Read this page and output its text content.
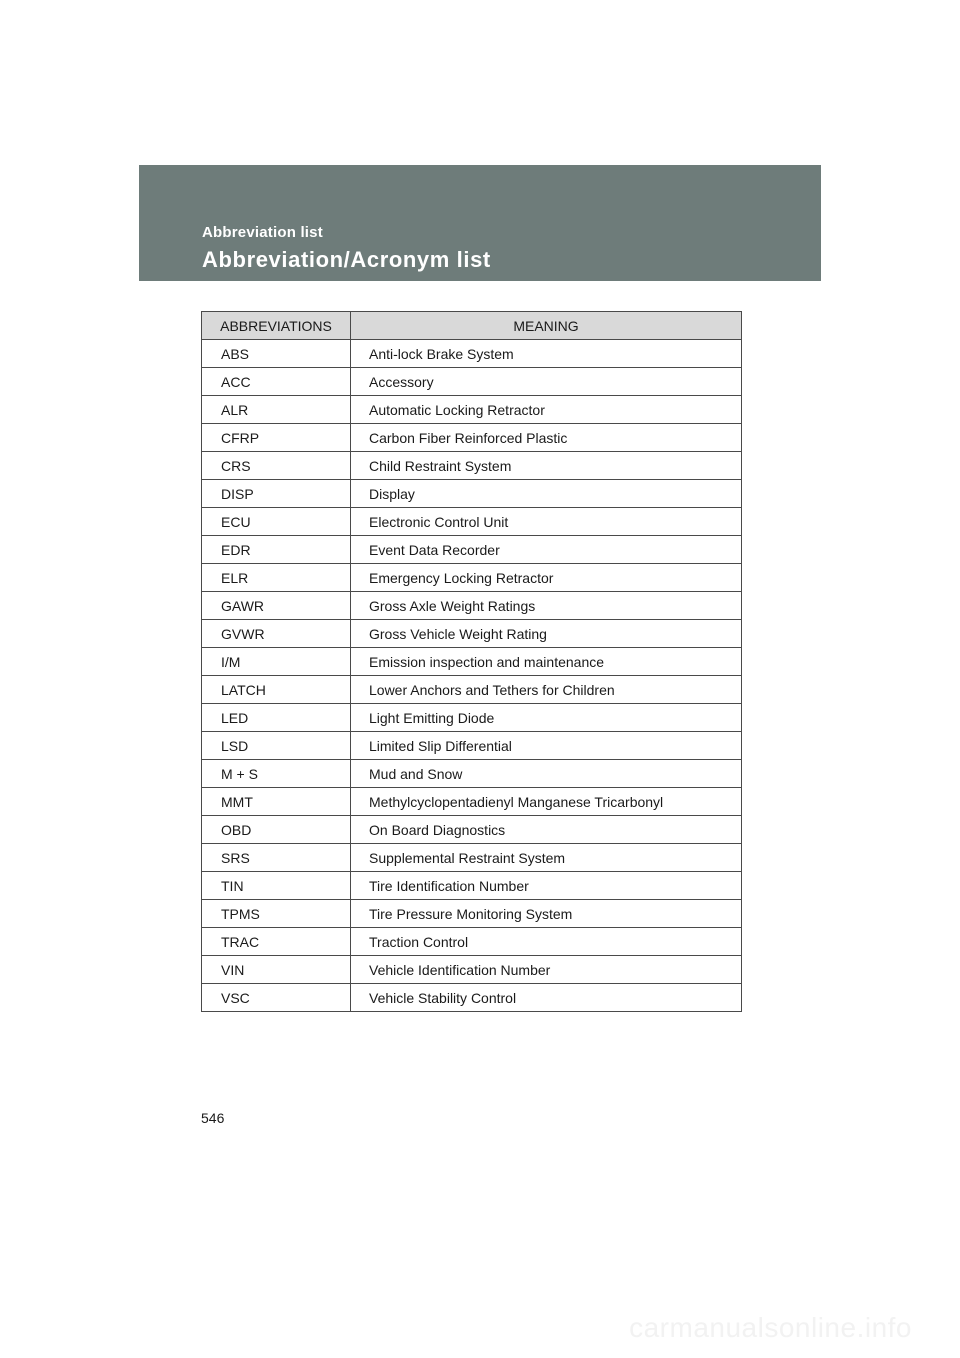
Abbreviation list
Abbreviation/Acronym list
ABBREVIATIONS	MEANING
ABS	Anti-lock Brake System
ACC	Accessory
ALR	Automatic Locking Retractor
CFRP	Carbon Fiber Reinforced Plastic
CRS	Child Restraint System
DISP	Display
ECU	Electronic Control Unit
EDR	Event Data Recorder
ELR	Emergency Locking Retractor
GAWR	Gross Axle Weight Ratings
GVWR	Gross Vehicle Weight Rating
I/M	Emission inspection and maintenance
LATCH	Lower Anchors and Tethers for Children
LED	Light Emitting Diode
LSD	Limited Slip Differential
M + S	Mud and Snow
MMT	Methylcyclopentadienyl Manganese Tricarbonyl
OBD	On Board Diagnostics
SRS	Supplemental Restraint System
TIN	Tire Identification Number
TPMS	Tire Pressure Monitoring System
TRAC	Traction Control
VIN	Vehicle Identification Number
VSC	Vehicle Stability Control
546
carmanualsonline.info
